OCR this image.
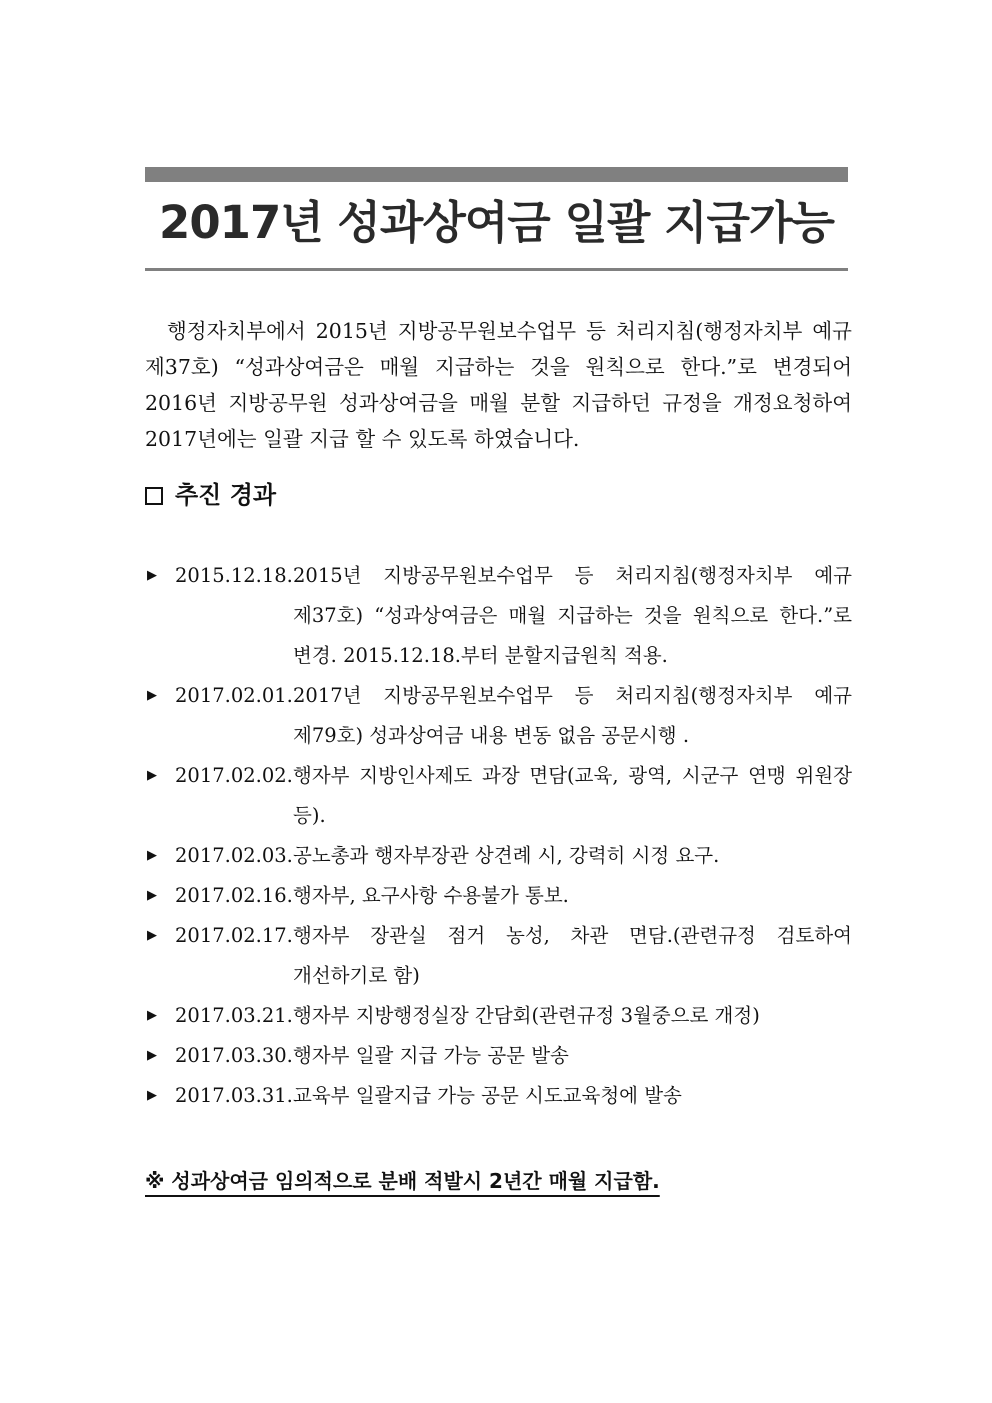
2017년 성과상여금 일괄 지급가능

행정자치부에서 2015년 지방공무원보수업무 등 처리지침(행정자치부 예규 제37호) “성과상여금은 매월 지급하는 것을 원칙으로 한다.”로 변경되어 2016년 지방공무원 성과상여금을 매월 분할 지급하던 규정을 개정요청하여 2017년에는 일괄 지급 할 수 있도록 하였습니다.

추진 경과
▶ 2015.12.18. 2015년 지방공무원보수업무 등 처리지침(행정자치부 예규 제37호) “성과상여금은 매월 지급하는 것을 원칙으로 한다.”로 변경. 2015.12.18.부터 분할지급원칙 적용.
▶ 2017.02.01. 2017년 지방공무원보수업무 등 처리지침(행정자치부 예규 제79호) 성과상여금 내용 변동 없음 공문시행 .
▶ 2017.02.02. 행자부 지방인사제도 과장 면담(교육, 광역, 시군구 연맹 위원장 등).
▶ 2017.02.03. 공노총과 행자부장관 상견례 시, 강력히 시정 요구.
▶ 2017.02.16. 행자부, 요구사항 수용불가 통보.
▶ 2017.02.17. 행자부 장관실 점거 농성, 차관 면담.(관련규정 검토하여 개선하기로 함)
▶ 2017.03.21. 행자부 지방행정실장 간담회(관련규정 3월중으로 개정)
▶ 2017.03.30. 행자부 일괄 지급 가능 공문 발송
▶ 2017.03.31. 교육부 일괄지급 가능 공문 시도교육청에 발송

※ 성과상여금 임의적으로 분배 적발시 2년간 매월 지급함.
